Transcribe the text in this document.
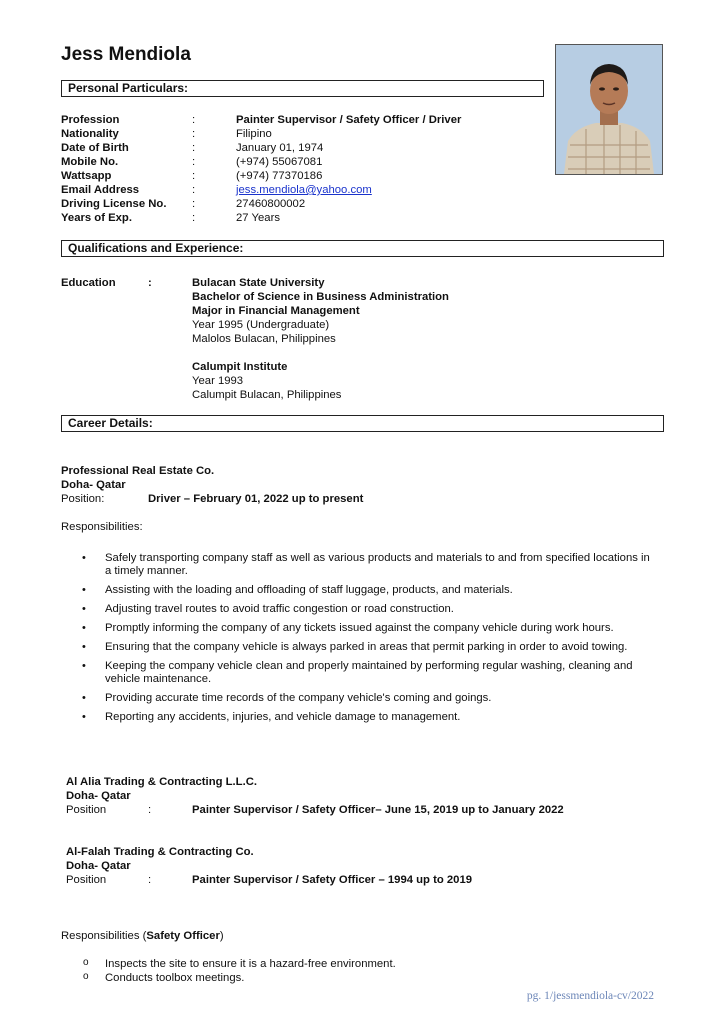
Jess Mendiola
Personal Particulars:
Profession	:	Painter Supervisor / Safety Officer / Driver
Nationality	:	Filipino
Date of Birth	:	January 01, 1974
Mobile No.	:	(+974) 55067081
Wattsapp	:	(+974) 77370186
Email Address	:	jess.mendiola@yahoo.com
Driving License No. :	27460800002
Years of Exp.	:	27 Years
Qualifications and Experience:
Education	:	Bulacan State University
Bachelor of Science in Business Administration
Major in Financial Management
Year 1995 (Undergraduate)
Malolos Bulacan, Philippines
Calumpit Institute
Year 1993
Calumpit Bulacan, Philippines
Career Details:
Professional Real Estate Co.
Doha- Qatar
Position:	Driver – February 01, 2022 up to present
Responsibilities:
• Safely transporting company staff as well as various products and materials to and from specified locations in a timely manner.
• Assisting with the loading and offloading of staff luggage, products, and materials.
• Adjusting travel routes to avoid traffic congestion or road construction.
• Promptly informing the company of any tickets issued against the company vehicle during work hours.
• Ensuring that the company vehicle is always parked in areas that permit parking in order to avoid towing.
• Keeping the company vehicle clean and properly maintained by performing regular washing, cleaning and vehicle maintenance.
• Providing accurate time records of the company vehicle's coming and goings.
• Reporting any accidents, injuries, and vehicle damage to management.
Al Alia Trading & Contracting L.L.C.
Doha- Qatar
Position	:	Painter Supervisor / Safety Officer– June 15, 2019 up to January 2022
Al-Falah Trading & Contracting Co.
Doha- Qatar
Position	:	Painter Supervisor / Safety Officer – 1994 up to 2019
Responsibilities (Safety Officer)
o Inspects the site to ensure it is a hazard-free environment.
o Conducts toolbox meetings.
pg. 1/jessmendiola-cv/2022
